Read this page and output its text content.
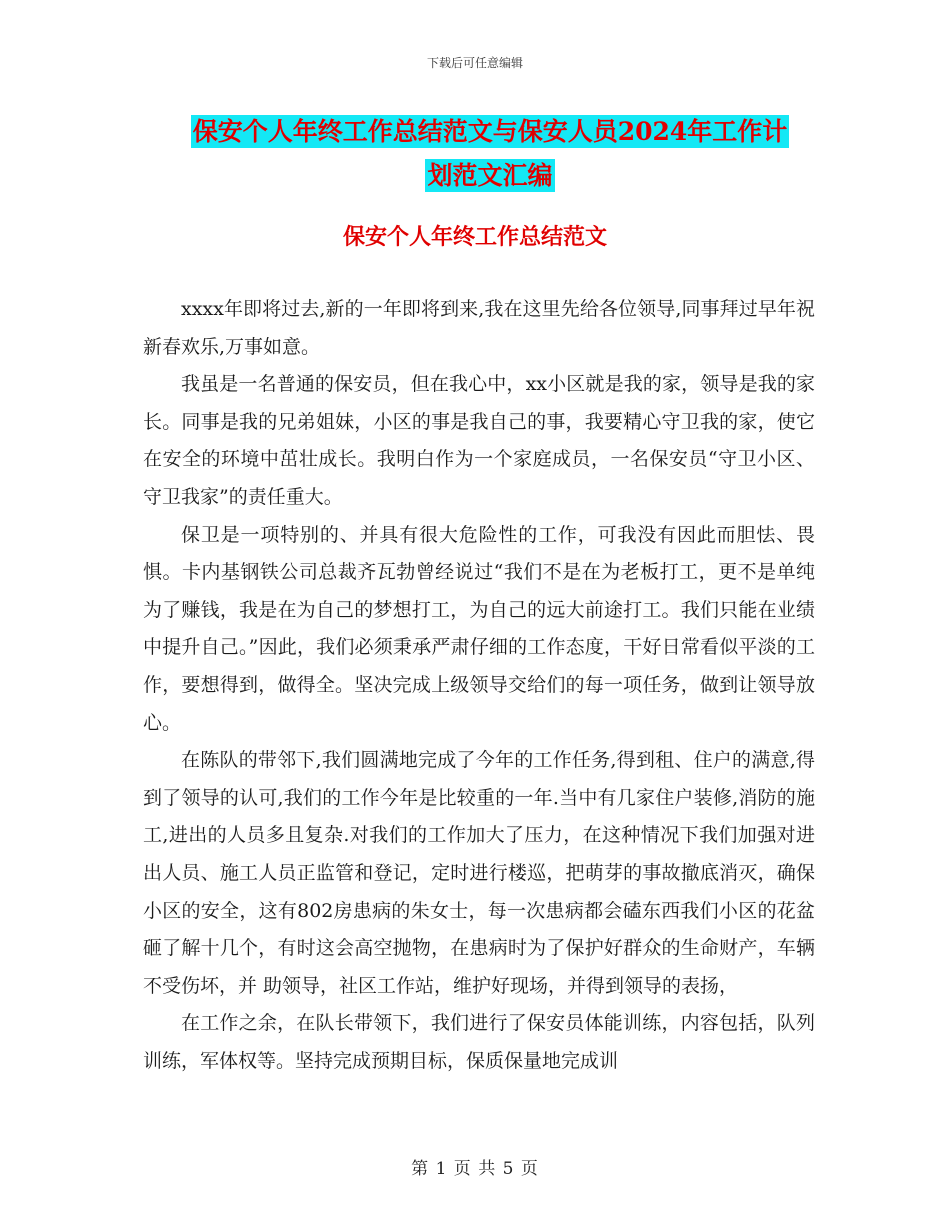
下载后可任意编辑
保安个人年终工作总结范文与保安人员2024年工作计
划范文汇编
保安个人年终工作总结范文

xxxx年即将过去,新的一年即将到来,我在这里先给各位领导,同事拜过早年祝新春欢乐,万事如意。

我虽是一名普通的保安员，但在我心中，xx小区就是我的家，领导是我的家长。同事是我的兄弟姐妹，小区的事是我自己的事，我要精心守卫我的家，使它在安全的环境中茁壮成长。我明白作为一个家庭成员，一名保安员“守卫小区、守卫我家”的责任重大。

保卫是一项特别的、并具有很大危险性的工作，可我没有因此而胆怯、畏惧。卡内基钢铁公司总裁齐瓦勃曾经说过“我们不是在为老板打工，更不是单纯为了赚钱，我是在为自己的梦想打工，为自己的远大前途打工。我们只能在业绩中提升自己。”因此，我们必须秉承严肃仔细的工作态度，干好日常看似平淡的工作，要想得到，做得全。坚决完成上级领导交给们的每一项任务，做到让领导放心。

在陈队的带邻下,我们圆满地完成了今年的工作任务,得到租、住户的满意,得到了领导的认可,我们的工作今年是比较重的一年.当中有几家住户装修,消防的施工,进出的人员多且复杂.对我们的工作加大了压力，在这种情况下我们加强对进出人员、施工人员正监管和登记，定时进行楼巡，把萌芽的事故撤底消灭，确保小区的安全，这有802房患病的朱女士，每一次患病都会磕东西我们小区的花盆砸了解十几个，有时这会高空抛物，在患病时为了保护好群众的生命财产，车辆不受伤坏，并 助领导，社区工作站，维护好现场，并得到领导的表扬，

在工作之余，在队长带领下，我们进行了保安员体能训练，内容包括，队列训练，军体权等。坚持完成预期目标，保质保量地完成训

第 1 页 共 5 页
